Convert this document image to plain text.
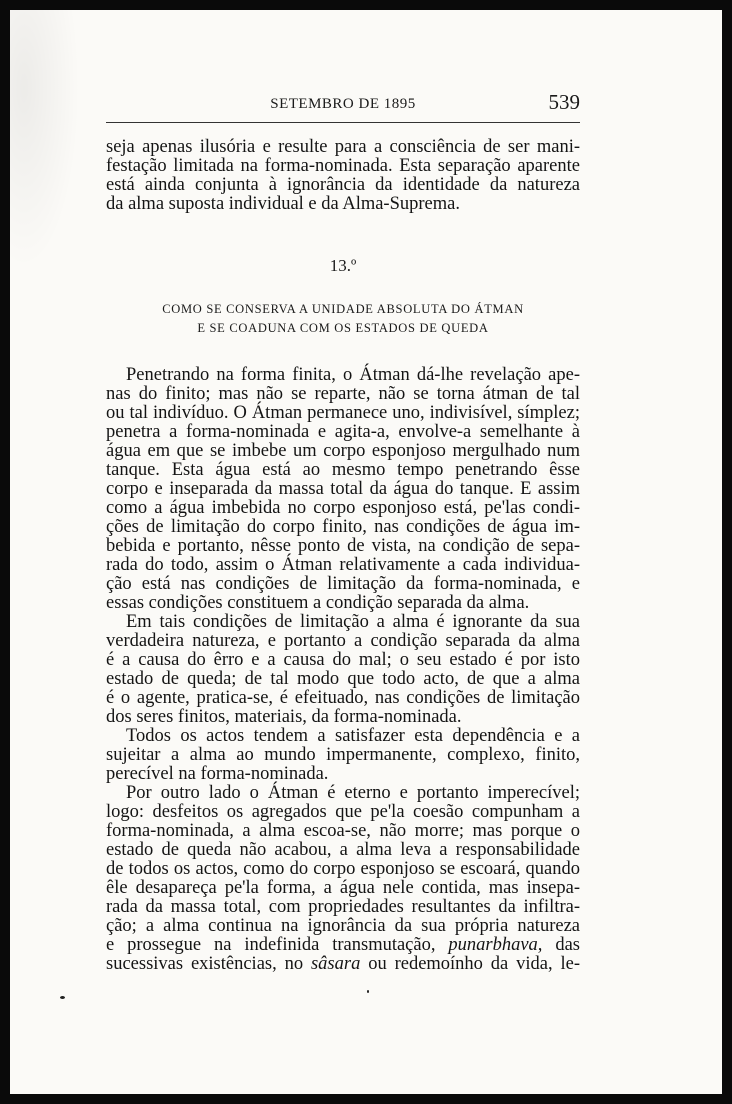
SETEMBRO DE 1895	539
seja apenas ilusória e resulte para a consciência de ser mani-
festação limitada na forma-nominada. Esta separação aparente
está ainda conjunta à ignorância da identidade da natureza
da alma suposta individual e da Alma-Suprema.
13.º
COMO SE CONSERVA A UNIDADE ABSOLUTA DO ÁTMAN
E SE COADUNA COM OS ESTADOS DE QUEDA
Penetrando na forma finita, o Átman dá-lhe revelação ape-
nas do finito; mas não se reparte, não se torna átman de tal
ou tal indivíduo. O Átman permanece uno, indivisível, símplez;
penetra a forma-nominada e agita-a, envolve-a semelhante à
água em que se imbebe um corpo esponjoso mergulhado num
tanque. Esta água está ao mesmo tempo penetrando êsse
corpo e inseparada da massa total da água do tanque. E assim
como a água imbebida no corpo esponjoso está, pe'las condi-
ções de limitação do corpo finito, nas condições de água im-
bebida e portanto, nêsse ponto de vista, na condição de sepa-
rada do todo, assim o Átman relativamente a cada individua-
ção está nas condições de limitação da forma-nominada, e
essas condições constituem a condição separada da alma.
Em tais condições de limitação a alma é ignorante da sua
verdadeira natureza, e portanto a condição separada da alma
é a causa do êrro e a causa do mal; o seu estado é por isto
estado de queda; de tal modo que todo acto, de que a alma
é o agente, pratica-se, é efeituado, nas condições de limitação
dos seres finitos, materiais, da forma-nominada.
Todos os actos tendem a satisfazer esta dependência e a
sujeitar a alma ao mundo impermanente, complexo, finito,
perecível na forma-nominada.
Por outro lado o Átman é eterno e portanto imperecível;
logo: desfeitos os agregados que pe'la coesão compunham a
forma-nominada, a alma escoa-se, não morre; mas porque o
estado de queda não acabou, a alma leva a responsabilidade
de todos os actos, como do corpo esponjoso se escoará, quando
êle desapareça pe'la forma, a água nele contida, mas insepa-
rada da massa total, com propriedades resultantes da infiltra-
ção; a alma continua na ignorância da sua própria natureza
e prossegue na indefinida transmutação, punarbhava, das
sucessivas existências, no sâsara ou redemoínho da vida, le-
